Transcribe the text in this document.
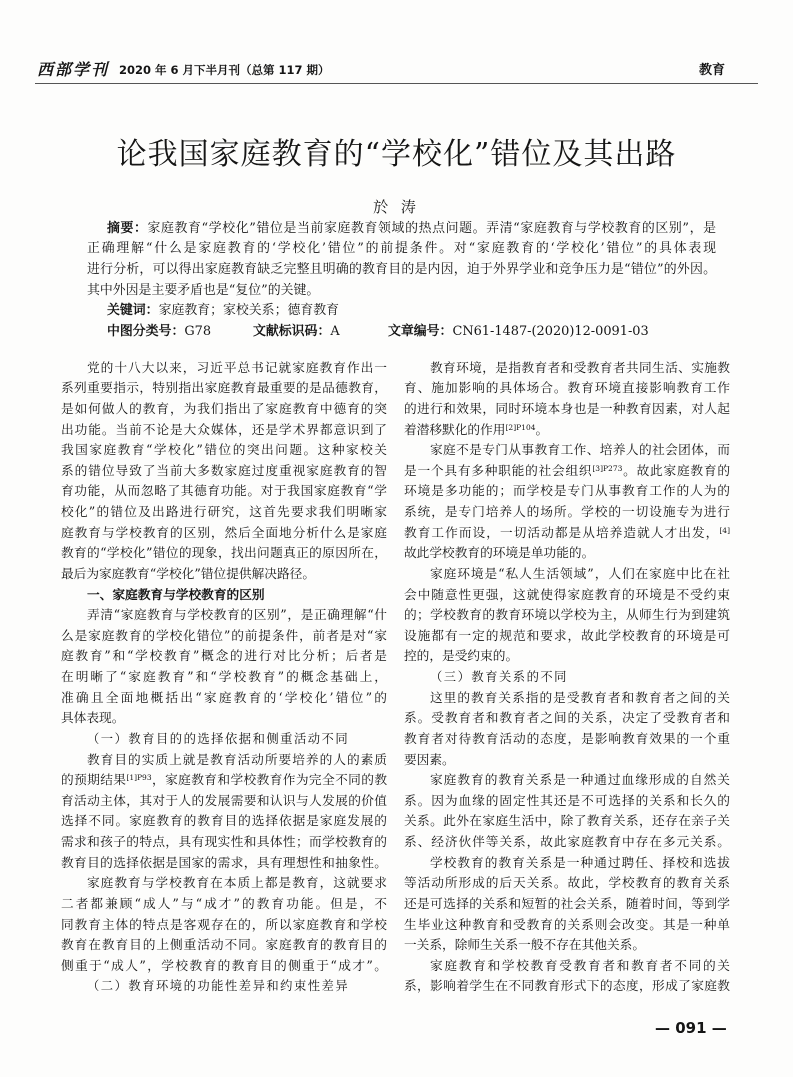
西部学刊 2020 年 6 月下半月刊（总第 117 期）	教育
论我国家庭教育的“学校化”错位及其出路
於 涛
摘要：家庭教育“学校化”错位是当前家庭教育领域的热点问题。弄清“家庭教育与学校教育的区别”，是
正确理解“什么是家庭教育的‘学校化’错位”的前提条件。对“家庭教育的‘学校化’错位”的具体表现
进行分析，可以得出家庭教育缺乏完整且明确的教育目的是内因，迫于外界学业和竞争压力是“错位”的外因。
其中外因是主要矛盾也是“复位”的关键。
关键词：家庭教育；家校关系；德育教育
中图分类号：G78	文献标识码：A	文章编号：CN61-1487-(2020)12-0091-03
党的十八大以来，习近平总书记就家庭教育作出一
系列重要指示，特别指出家庭教育最重要的是品德教育，
是如何做人的教育，为我们指出了家庭教育中德育的突
出功能。当前不论是大众媒体，还是学术界都意识到了
我国家庭教育“学校化”错位的突出问题。这种家校关
系的错位导致了当前大多数家庭过度重视家庭教育的智
育功能，从而忽略了其德育功能。对于我国家庭教育“学
校化”的错位及出路进行研究，这首先要求我们明晰家
庭教育与学校教育的区别，然后全面地分析什么是家庭
教育的“学校化”错位的现象，找出问题真正的原因所在，
最后为家庭教育“学校化”错位提供解决路径。
一、家庭教育与学校教育的区别
弄清“家庭教育与学校教育的区别”，是正确理解“什
么是家庭教育的学校化错位”的前提条件，前者是对“家
庭教育”和“学校教育”概念的进行对比分析；后者是
在明晰了“家庭教育”和“学校教育”的概念基础上，
准确且全面地概括出“家庭教育的‘学校化’错位”的
具体表现。
（一）教育目的的选择依据和侧重活动不同
教育目的实质上就是教育活动所要培养的人的素质
的预期结果$^{[1]P93}$，家庭教育和学校教育作为完全不同的教
育活动主体，其对于人的发展需要和认识与人发展的价值
选择不同。家庭教育的教育目的选择依据是家庭发展的
需求和孩子的特点，具有现实性和具体性；而学校教育的
教育目的选择依据是国家的需求，具有理想性和抽象性。
家庭教育与学校教育在本质上都是教育，这就要求
二者都兼顾“成人”与“成才”的教育功能。但是，不
同教育主体的特点是客观存在的，所以家庭教育和学校
教育在教育目的上侧重活动不同。家庭教育的教育目的
侧重于“成人”，学校教育的教育目的侧重于“成才”。
（二）教育环境的功能性差异和约束性差异
教育环境，是指教育者和受教育者共同生活、实施教
育、施加影响的具体场合。教育环境直接影响教育工作
的进行和效果，同时环境本身也是一种教育因素，对人起
着潜移默化的作用$^{[2]P104}$。
家庭不是专门从事教育工作、培养人的社会团体，而
是一个具有多种职能的社会组织$^{[3]P273}$。故此家庭教育的
环境是多功能的；而学校是专门从事教育工作的人为的
系统，是专门培养人的场所。学校的一切设施专为进行
教育工作而设，一切活动都是从培养造就人才出发，[4]
故此学校教育的环境是单功能的。
家庭环境是“私人生活领域”，人们在家庭中比在社
会中随意性更强，这就使得家庭教育的环境是不受约束
的；学校教育的教育环境以学校为主，从师生行为到建筑
设施都有一定的规范和要求，故此学校教育的环境是可
控的，是受约束的。
（三）教育关系的不同
这里的教育关系指的是受教育者和教育者之间的关
系。受教育者和教育者之间的关系，决定了受教育者和
教育者对待教育活动的态度，是影响教育效果的一个重
要因素。
家庭教育的教育关系是一种通过血缘形成的自然关
系。因为血缘的固定性其还是不可选择的关系和长久的
关系。此外在家庭生活中，除了教育关系，还存在亲子关
系、经济伙伴等关系，故此家庭教育中存在多元关系。
学校教育的教育关系是一种通过聘任、择校和选拔
等活动所形成的后天关系。故此，学校教育的教育关系
还是可选择的关系和短暂的社会关系，随着时间，等到学
生毕业这种教育和受教育的关系则会改变。其是一种单
一关系，除师生关系一般不存在其他关系。
家庭教育和学校教育受教育者和教育者不同的关
系，影响着学生在不同教育形式下的态度，形成了家庭教
— 091 —
